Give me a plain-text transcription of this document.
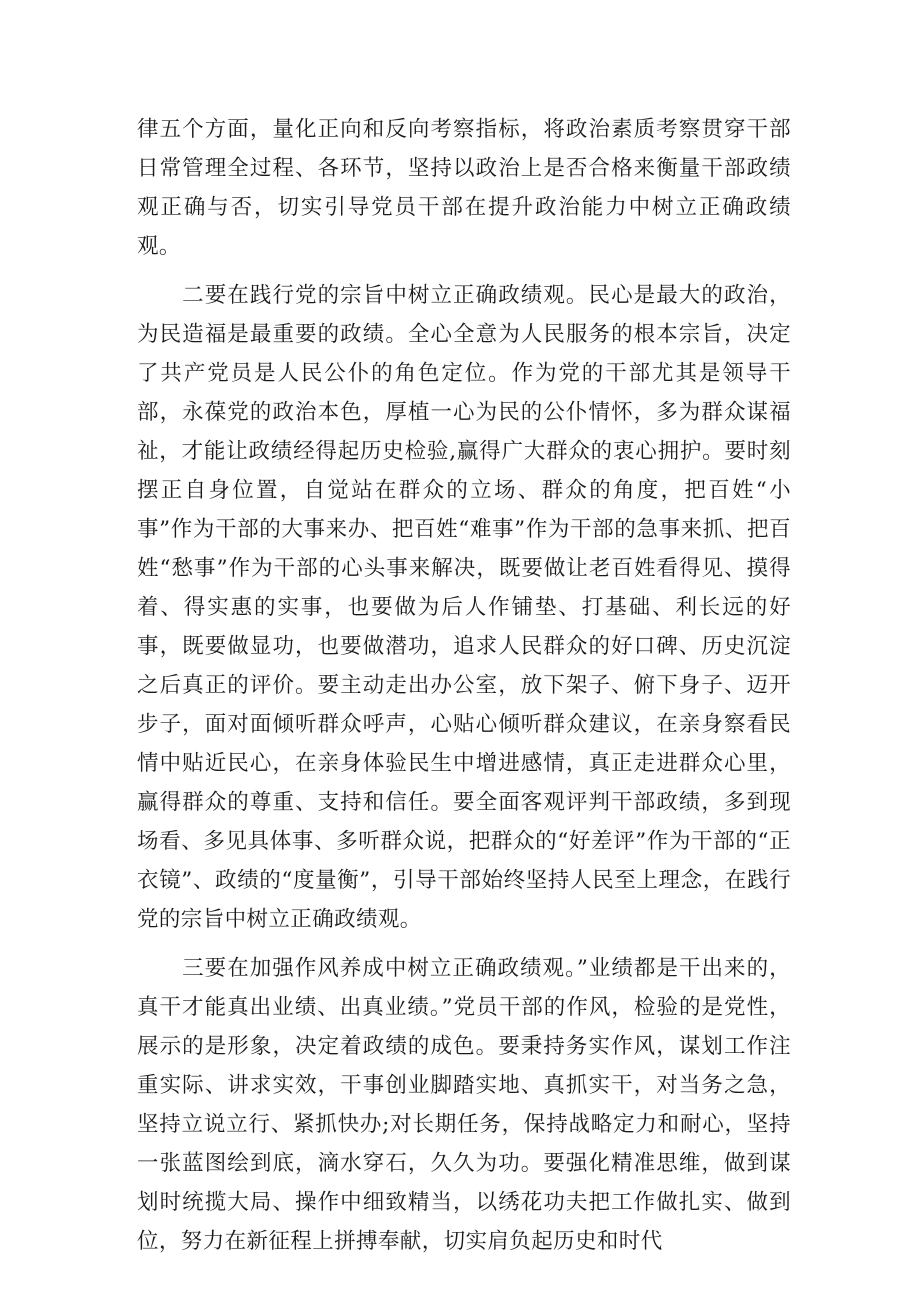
律五个方面，量化正向和反向考察指标，将政治素质考察贯穿干部日常管理全过程、各环节，坚持以政治上是否合格来衡量干部政绩观正确与否，切实引导党员干部在提升政治能力中树立正确政绩观。

二要在践行党的宗旨中树立正确政绩观。民心是最大的政治，为民造福是最重要的政绩。全心全意为人民服务的根本宗旨，决定了共产党员是人民公仆的角色定位。作为党的干部尤其是领导干部，永葆党的政治本色，厚植一心为民的公仆情怀，多为群众谋福祉，才能让政绩经得起历史检验,赢得广大群众的衷心拥护。要时刻摆正自身位置，自觉站在群众的立场、群众的角度，把百姓“小事”作为干部的大事来办、把百姓“难事”作为干部的急事来抓、把百姓“愁事”作为干部的心头事来解决，既要做让老百姓看得见、摸得着、得实惠的实事，也要做为后人作铺垫、打基础、利长远的好事，既要做显功，也要做潜功，追求人民群众的好口碑、历史沉淀之后真正的评价。要主动走出办公室，放下架子、俯下身子、迈开步子，面对面倾听群众呼声，心贴心倾听群众建议，在亲身察看民情中贴近民心，在亲身体验民生中增进感情，真正走进群众心里，赢得群众的尊重、支持和信任。要全面客观评判干部政绩，多到现场看、多见具体事、多听群众说，把群众的“好差评”作为干部的“正衣镜”、政绩的“度量衡”，引导干部始终坚持人民至上理念，在践行党的宗旨中树立正确政绩观。

三要在加强作风养成中树立正确政绩观。”业绩都是干出来的，真干才能真出业绩、出真业绩。”党员干部的作风，检验的是党性，展示的是形象，决定着政绩的成色。要秉持务实作风，谋划工作注重实际、讲求实效，干事创业脚踏实地、真抓实干，对当务之急，坚持立说立行、紧抓快办;对长期任务，保持战略定力和耐心，坚持一张蓝图绘到底，滴水穿石，久久为功。要强化精准思维，做到谋划时统揽大局、操作中细致精当，以绣花功夫把工作做扎实、做到位，努力在新征程上拼搏奉献，切实肩负起历史和时代
